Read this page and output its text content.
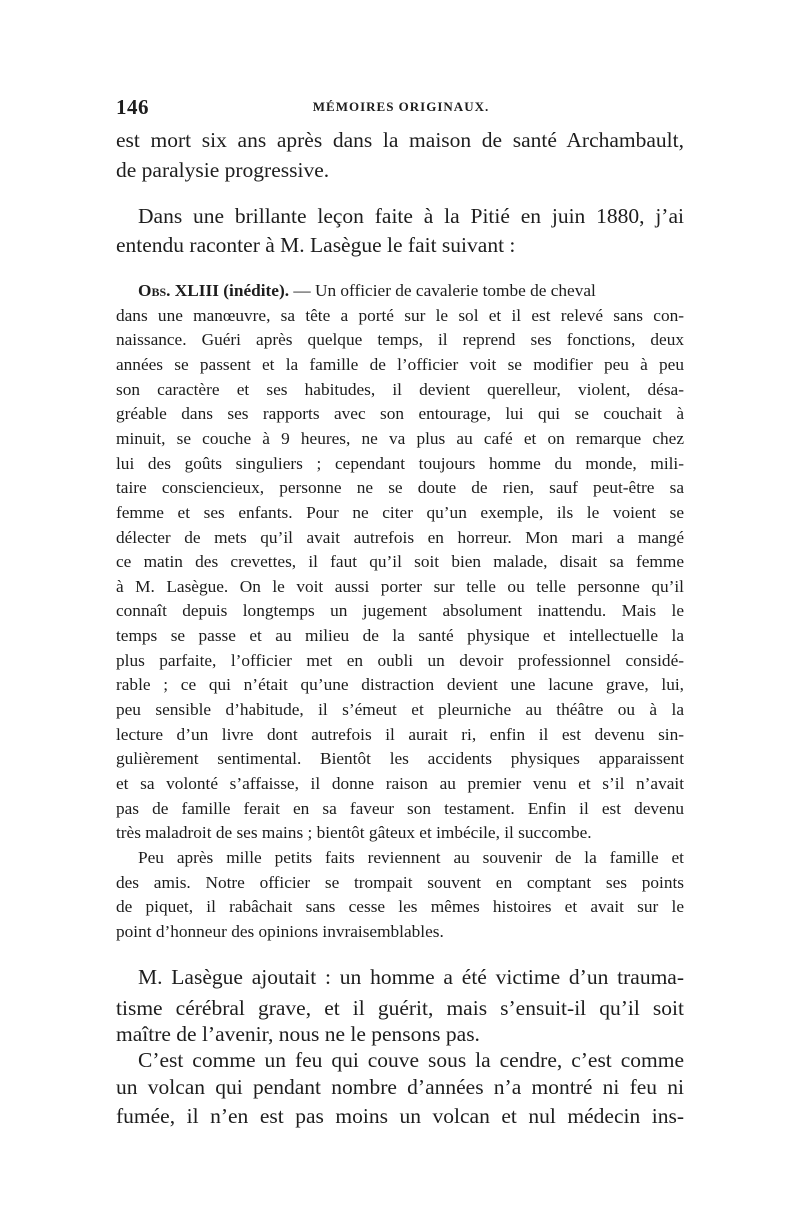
146	MÉMOIRES ORIGINAUX.
est mort six ans après dans la maison de santé Archambault,
de paralysie progressive.
Dans une brillante leçon faite à la Pitié en juin 1880, j’ai
entendu raconter à M. Lasègue le fait suivant :
Obs. XLIII (inédite). — Un officier de cavalerie tombe de cheval
dans une manœuvre, sa tête a porté sur le sol et il est relevé sans con-
naissance. Guéri après quelque temps, il reprend ses fonctions, deux
années se passent et la famille de l’officier voit se modifier peu à peu
son caractère et ses habitudes, il devient querelleur, violent, désa-
gréable dans ses rapports avec son entourage, lui qui se couchait à
minuit, se couche à 9 heures, ne va plus au café et on remarque chez
lui des goûts singuliers ; cependant toujours homme du monde, mili-
taire consciencieux, personne ne se doute de rien, sauf peut-être sa
femme et ses enfants. Pour ne citer qu’un exemple, ils le voient se
délecter de mets qu’il avait autrefois en horreur. Mon mari a mangé
ce matin des crevettes, il faut qu’il soit bien malade, disait sa femme
à M. Lasègue. On le voit aussi porter sur telle ou telle personne qu’il
connaît depuis longtemps un jugement absolument inattendu. Mais le
temps se passe et au milieu de la santé physique et intellectuelle la
plus parfaite, l’officier met en oubli un devoir professionnel considé-
rable ; ce qui n’était qu’une distraction devient une lacune grave, lui,
peu sensible d’habitude, il s’émeut et pleurniche au théâtre ou à la
lecture d’un livre dont autrefois il aurait ri, enfin il est devenu sin-
gulièrement sentimental. Bientôt les accidents physiques apparaissent
et sa volonté s’affaisse, il donne raison au premier venu et s’il n’avait
pas de famille ferait en sa faveur son testament. Enfin il est devenu
très maladroit de ses mains ; bientôt gâteux et imbécile, il succombe.
Peu après mille petits faits reviennent au souvenir de la famille et
des amis. Notre officier se trompait souvent en comptant ses points
de piquet, il rabâchait sans cesse les mêmes histoires et avait sur le
point d’honneur des opinions invraisemblables.
M. Lasègue ajoutait : un homme a été victime d’un trauma-
tisme cérébral grave, et il guérit, mais s’ensuit-il qu’il soit
maître de l’avenir, nous ne le pensons pas.
C’est comme un feu qui couve sous la cendre, c’est comme
un volcan qui pendant nombre d’années n’a montré ni feu ni
fumée, il n’en est pas moins un volcan et nul médecin ins-
